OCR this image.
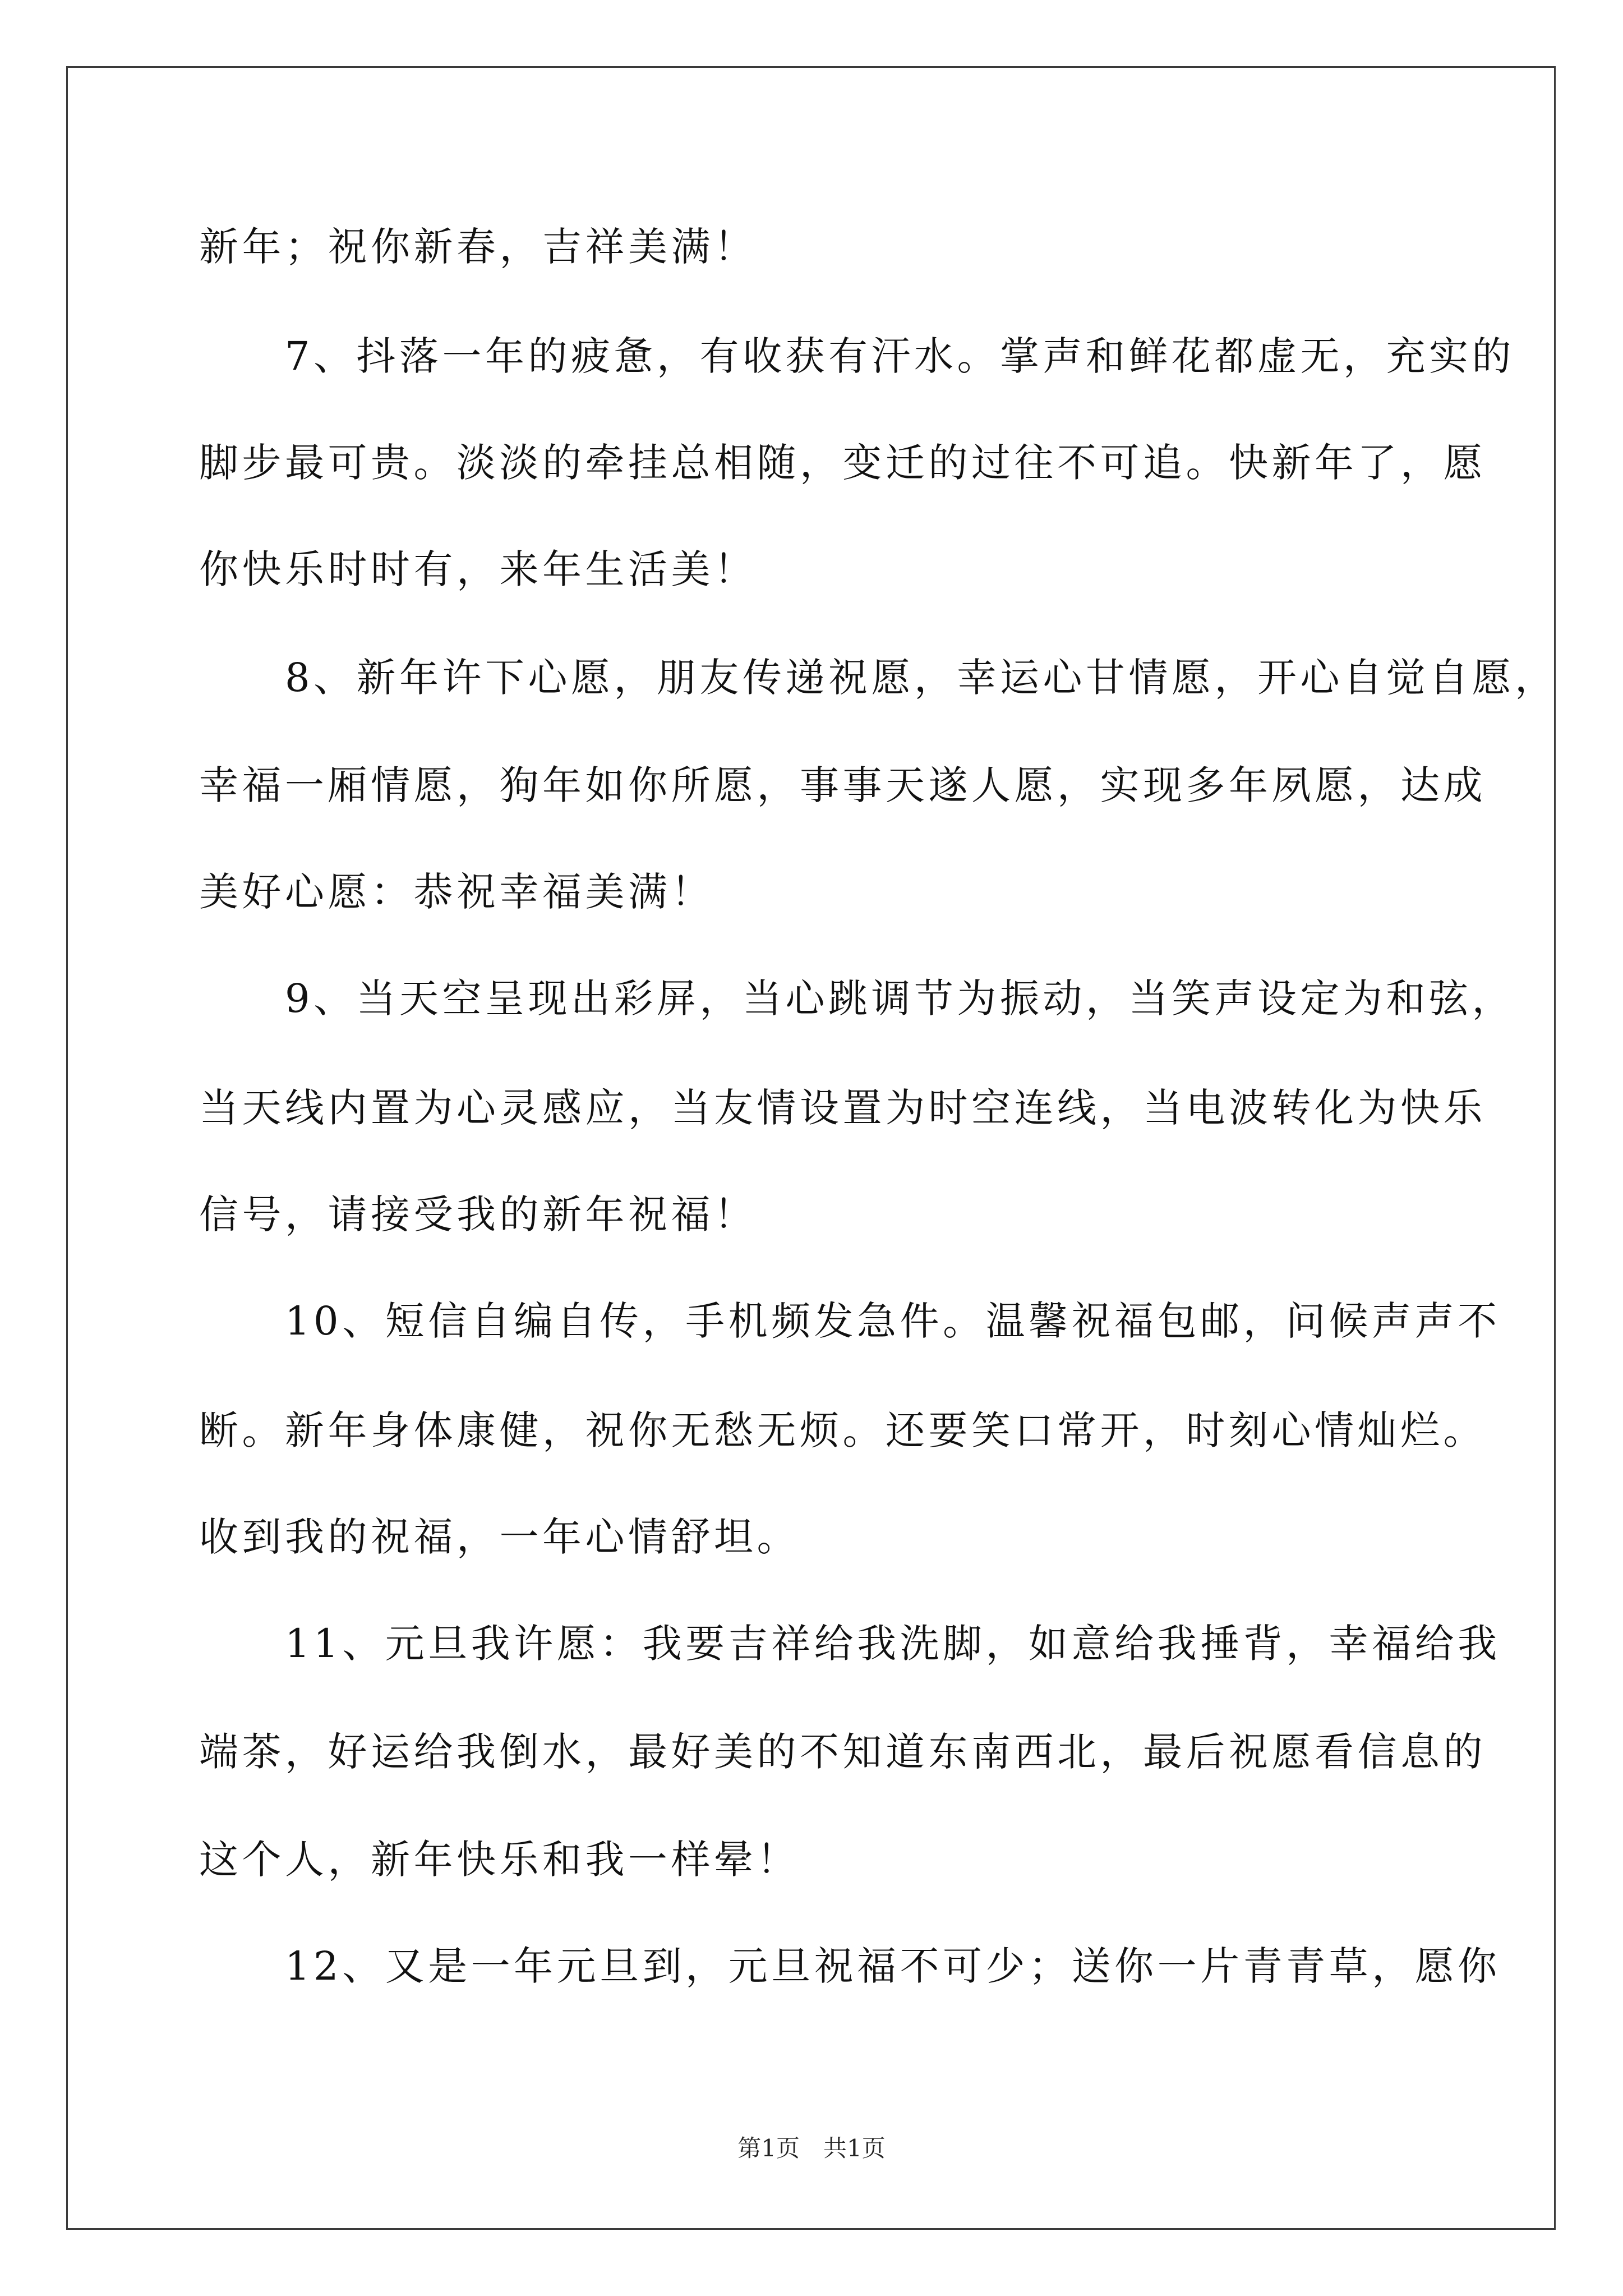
新年；祝你新春，吉祥美满！
　　7、抖落一年的疲惫，有收获有汗水。掌声和鲜花都虚无，充实的
脚步最可贵。淡淡的牵挂总相随，变迁的过往不可追。快新年了，愿
你快乐时时有，来年生活美！
　　8、新年许下心愿，朋友传递祝愿，幸运心甘情愿，开心自觉自愿，
幸福一厢情愿，狗年如你所愿，事事天遂人愿，实现多年夙愿，达成
美好心愿：恭祝幸福美满！
　　9、当天空呈现出彩屏，当心跳调节为振动，当笑声设定为和弦，
当天线内置为心灵感应，当友情设置为时空连线，当电波转化为快乐
信号，请接受我的新年祝福！
　　10、短信自编自传，手机频发急件。温馨祝福包邮，问候声声不
断。新年身体康健，祝你无愁无烦。还要笑口常开，时刻心情灿烂。
收到我的祝福，一年心情舒坦。
　　11、元旦我许愿：我要吉祥给我洗脚，如意给我捶背，幸福给我
端茶，好运给我倒水，最好美的不知道东南西北，最后祝愿看信息的
这个人，新年快乐和我一样晕！
　　12、又是一年元旦到，元旦祝福不可少；送你一片青青草，愿你
第1页　共1页
